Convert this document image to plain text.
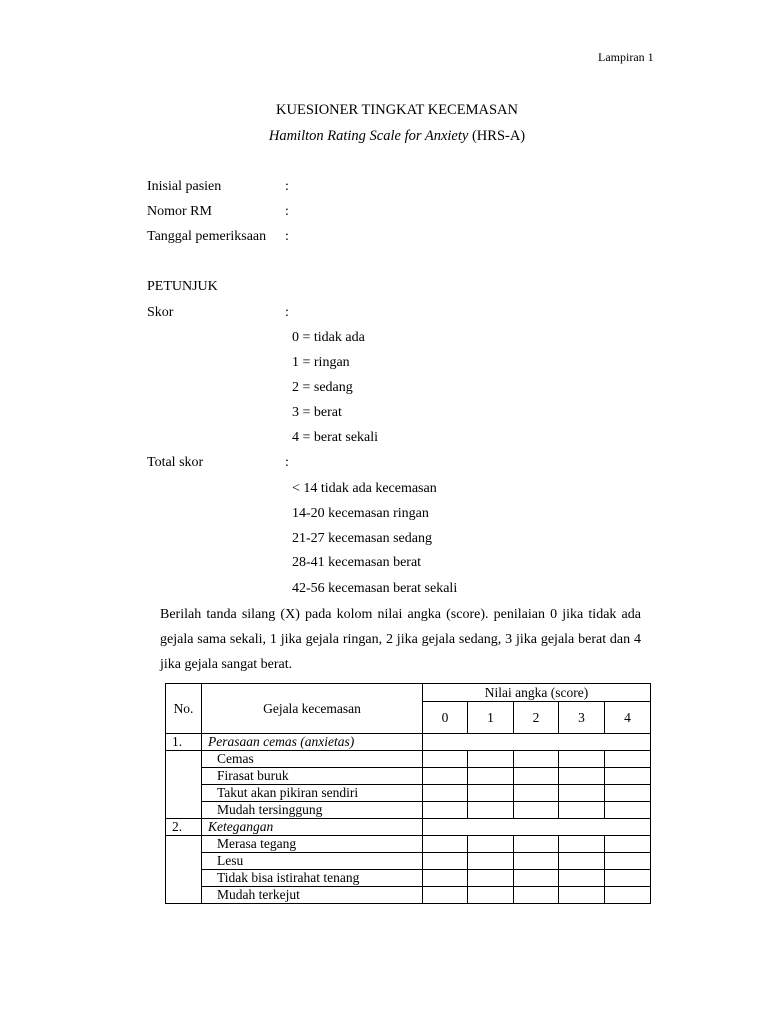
Lampiran 1
KUESIONER TINGKAT KECEMASAN
Hamilton Rating Scale for Anxiety (HRS-A)
Inisial pasien	:
Nomor RM	:
Tanggal pemeriksaan :
PETUNJUK
Skor	:
0 = tidak ada
1 = ringan
2 = sedang
3 = berat
4 = berat sekali
Total skor	:
< 14 tidak ada kecemasan
14-20 kecemasan ringan
21-27 kecemasan sedang
28-41 kecemasan berat
42-56 kecemasan berat sekali
Berilah tanda silang (X) pada kolom nilai angka (score). penilaian 0 jika tidak ada gejala sama sekali, 1 jika gejala ringan, 2 jika gejala sedang, 3 jika gejala berat dan 4 jika gejala sangat berat.
No.	Gejala kecemasan	Nilai angka (score)				
		0	1	2	3	4
1.	Perasaan cemas (anxietas)					
	Cemas					
	Firasat buruk					
	Takut akan pikiran sendiri					
	Mudah tersinggung					
2.	Ketegangan					
	Merasa tegang					
	Lesu					
	Tidak bisa istirahat tenang					
	Mudah terkejut					
